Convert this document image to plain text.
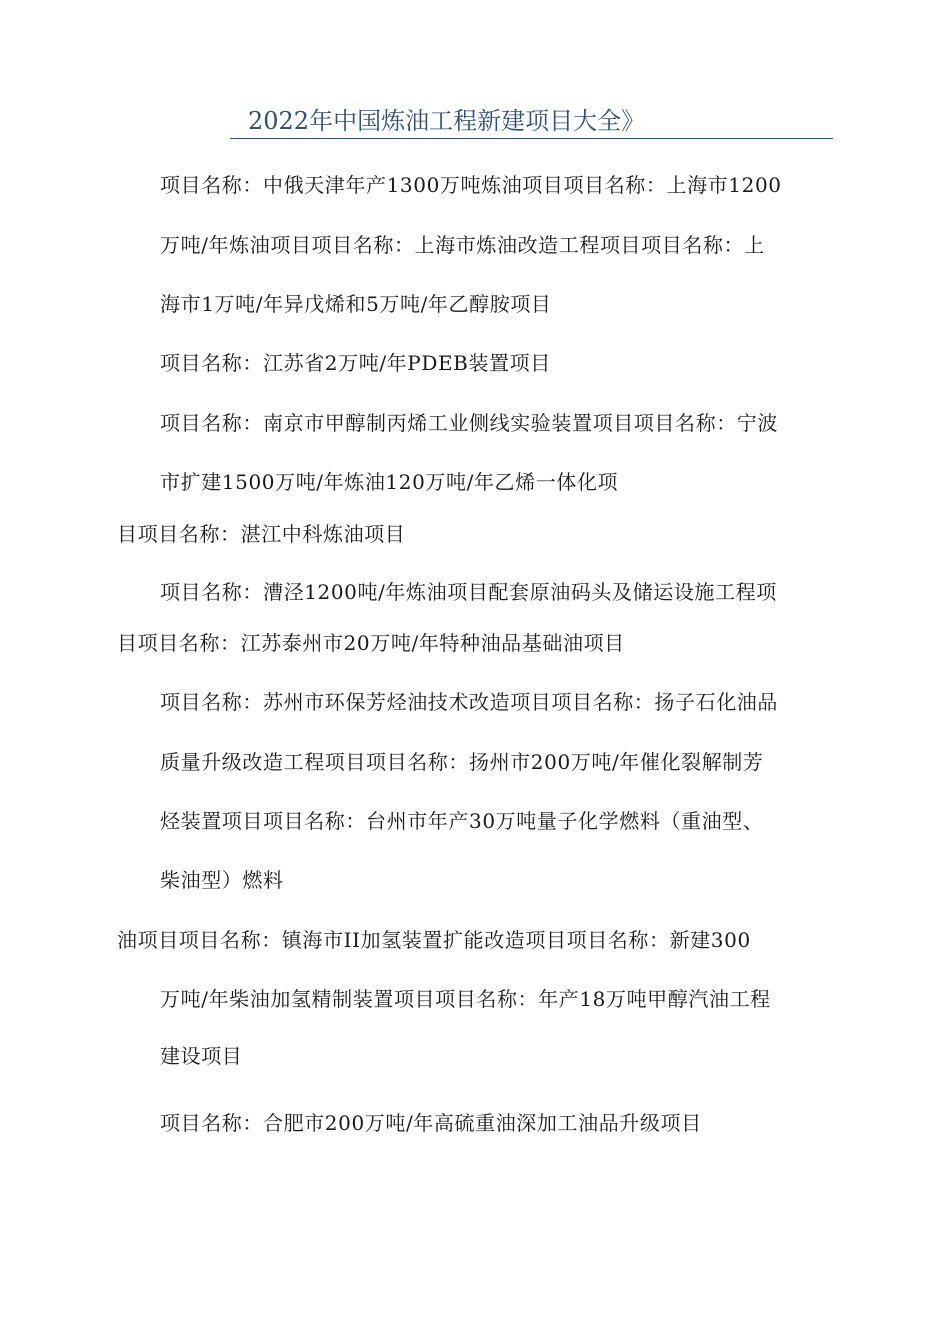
2022年中国炼油工程新建项目大全》
项目名称：中俄天津年产1300万吨炼油项目项目名称：上海市1200
万吨/年炼油项目项目名称：上海市炼油改造工程项目项目名称：上
海市1万吨/年异戊烯和5万吨/年乙醇胺项目
项目名称：江苏省2万吨/年PDEB装置项目
项目名称：南京市甲醇制丙烯工业侧线实验装置项目项目名称：宁波
市扩建1500万吨/年炼油120万吨/年乙烯一体化项
目项目名称：湛江中科炼油项目
项目名称：漕泾1200吨/年炼油项目配套原油码头及储运设施工程项
目项目名称：江苏泰州市20万吨/年特种油品基础油项目
项目名称：苏州市环保芳烃油技术改造项目项目名称：扬子石化油品
质量升级改造工程项目项目名称：扬州市200万吨/年催化裂解制芳
烃装置项目项目名称：台州市年产30万吨量子化学燃料（重油型、
柴油型）燃料
油项目项目名称：镇海市II加氢装置扩能改造项目项目名称：新建300
万吨/年柴油加氢精制装置项目项目名称：年产18万吨甲醇汽油工程
建设项目
项目名称：合肥市200万吨/年高硫重油深加工油品升级项目
